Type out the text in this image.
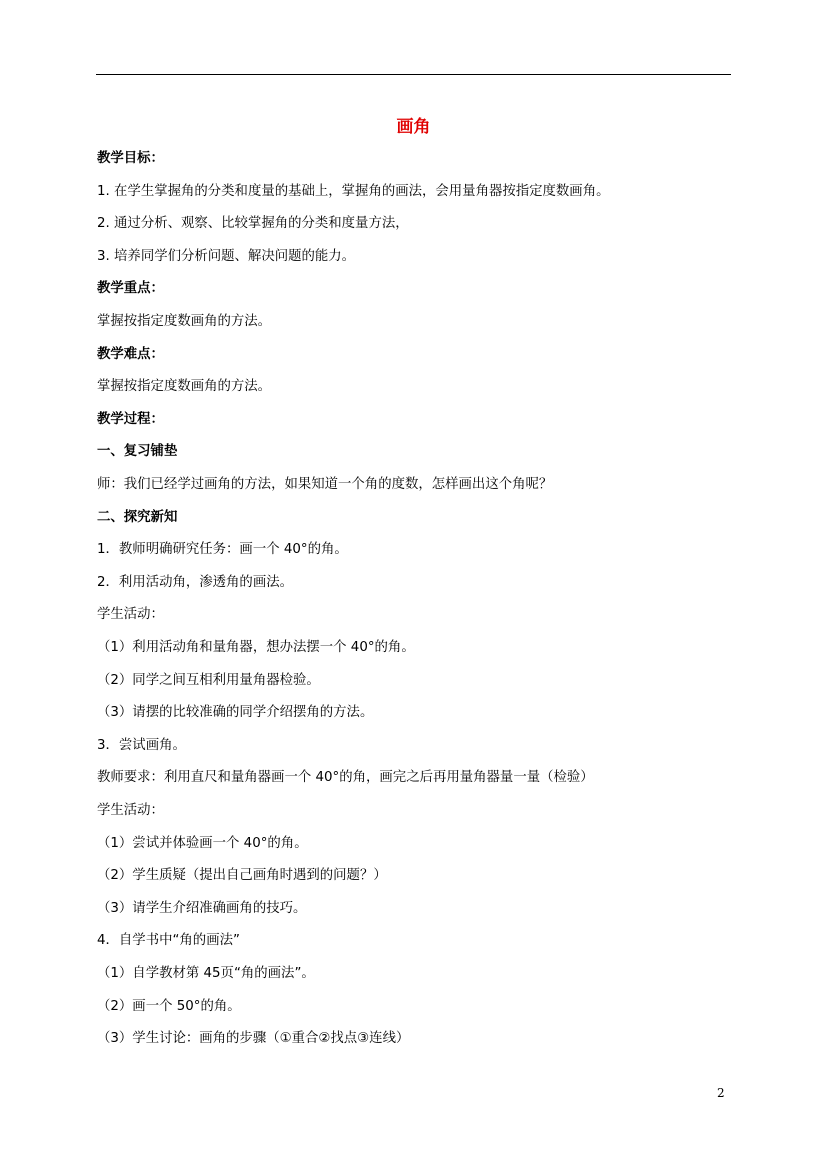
画角
教学目标：
1. 在学生掌握角的分类和度量的基础上，掌握角的画法，会用量角器按指定度数画角。
2. 通过分析、观察、比较掌握角的分类和度量方法，
3. 培养同学们分析问题、解决问题的能力。
教学重点：
掌握按指定度数画角的方法。
教学难点：
掌握按指定度数画角的方法。
教学过程：
一、复习铺垫
师：我们已经学过画角的方法，如果知道一个角的度数，怎样画出这个角呢？
二、探究新知
1．教师明确研究任务：画一个 40°的角。
2．利用活动角，渗透角的画法。
学生活动：
（1）利用活动角和量角器，想办法摆一个 40°的角。
（2）同学之间互相利用量角器检验。
（3）请摆的比较准确的同学介绍摆角的方法。
3．尝试画角。
教师要求：利用直尺和量角器画一个 40°的角，画完之后再用量角器量一量（检验）
学生活动：
（1）尝试并体验画一个 40°的角。
（2）学生质疑（提出自己画角时遇到的问题？）
（3）请学生介绍准确画角的技巧。
4．自学书中“角的画法”
（1）自学教材第 45页“角的画法”。
（2）画一个 50°的角。
（3）学生讨论：画角的步骤（①重合②找点③连线）
2
